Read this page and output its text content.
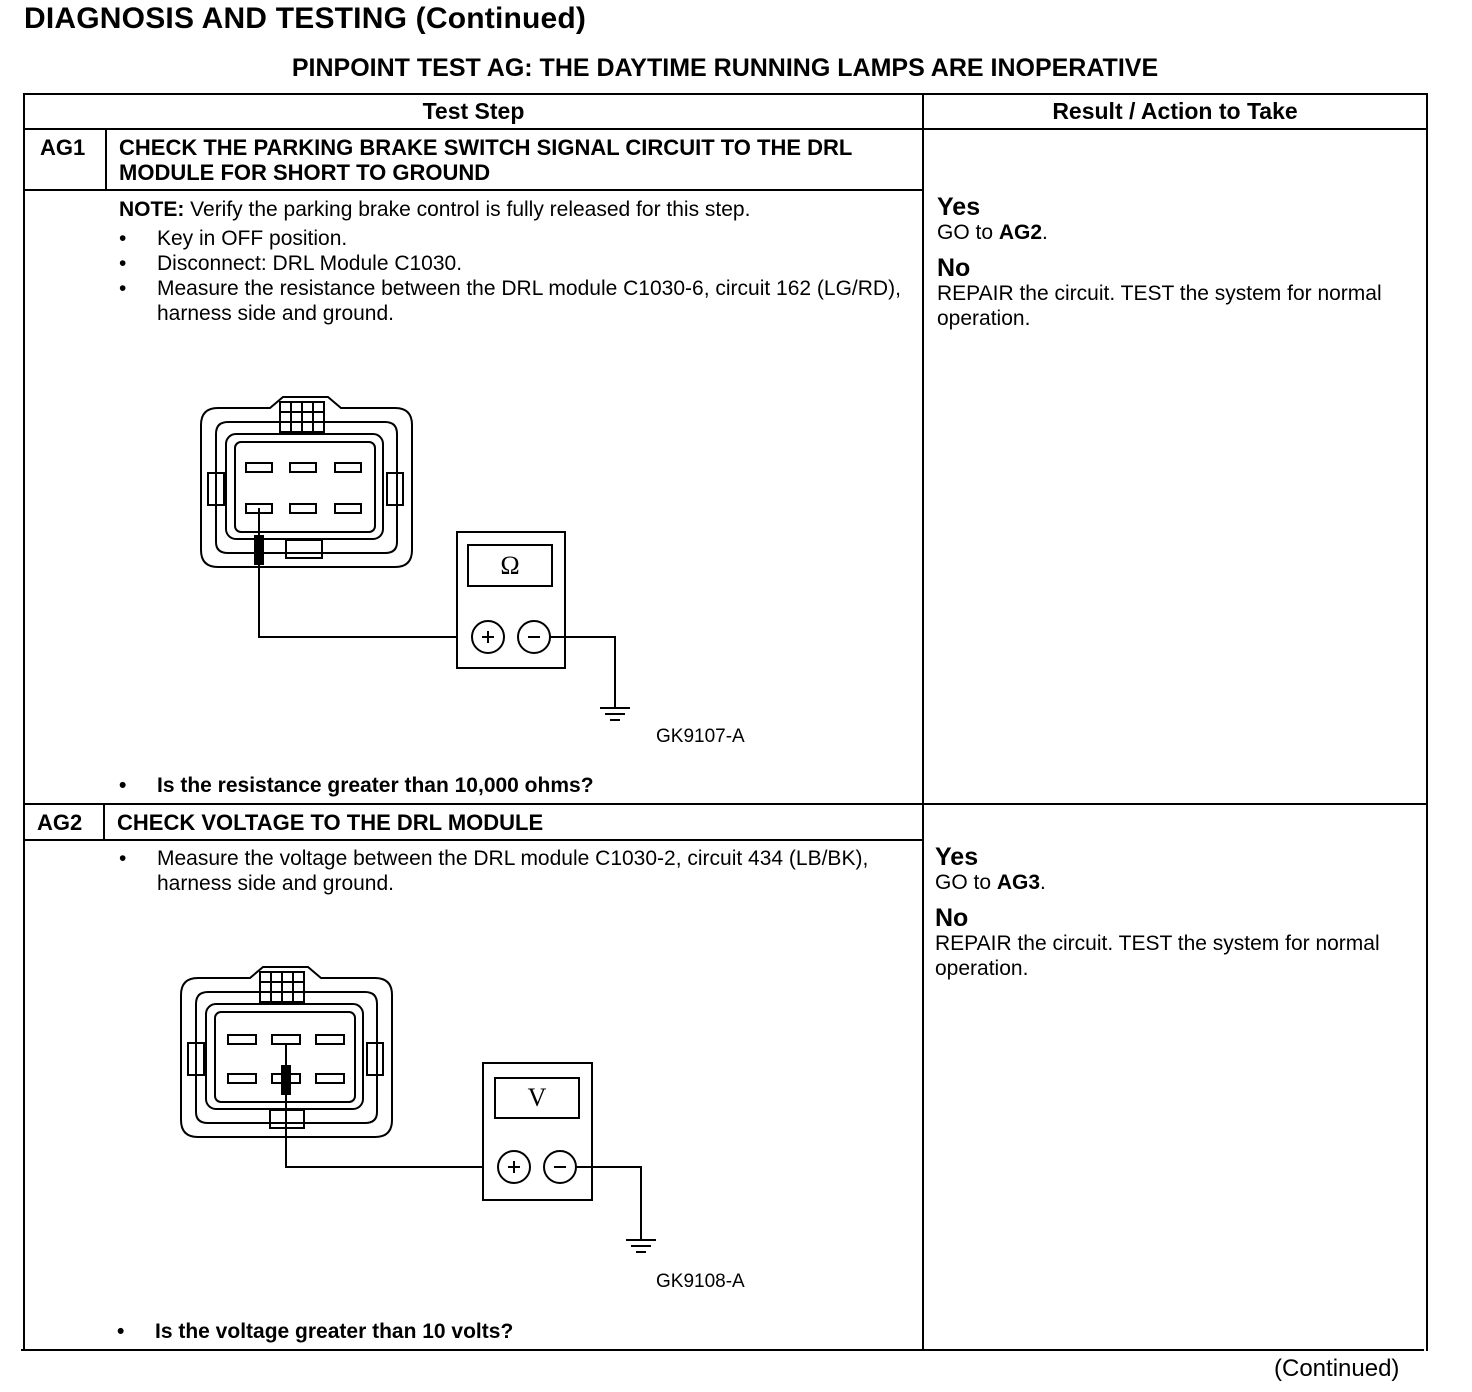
DIAGNOSIS AND TESTING (Continued)
PINPOINT TEST AG: THE DAYTIME RUNNING LAMPS ARE INOPERATIVE
Test Step	Result / Action to Take
AG1 CHECK THE PARKING BRAKE SWITCH SIGNAL CIRCUIT TO THE DRL MODULE FOR SHORT TO GROUND
NOTE: Verify the parking brake control is fully released for this step.
• Key in OFF position.
• Disconnect: DRL Module C1030.
• Measure the resistance between the DRL module C1030-6, circuit 162 (LG/RD), harness side and ground.
Ω
GK9107-A
• Is the resistance greater than 10,000 ohms?
Yes
GO to AG2.
No
REPAIR the circuit. TEST the system for normal operation.
AG2 CHECK VOLTAGE TO THE DRL MODULE
• Measure the voltage between the DRL module C1030-2, circuit 434 (LB/BK), harness side and ground.
V
GK9108-A
• Is the voltage greater than 10 volts?
Yes
GO to AG3.
No
REPAIR the circuit. TEST the system for normal operation.
(Continued)
